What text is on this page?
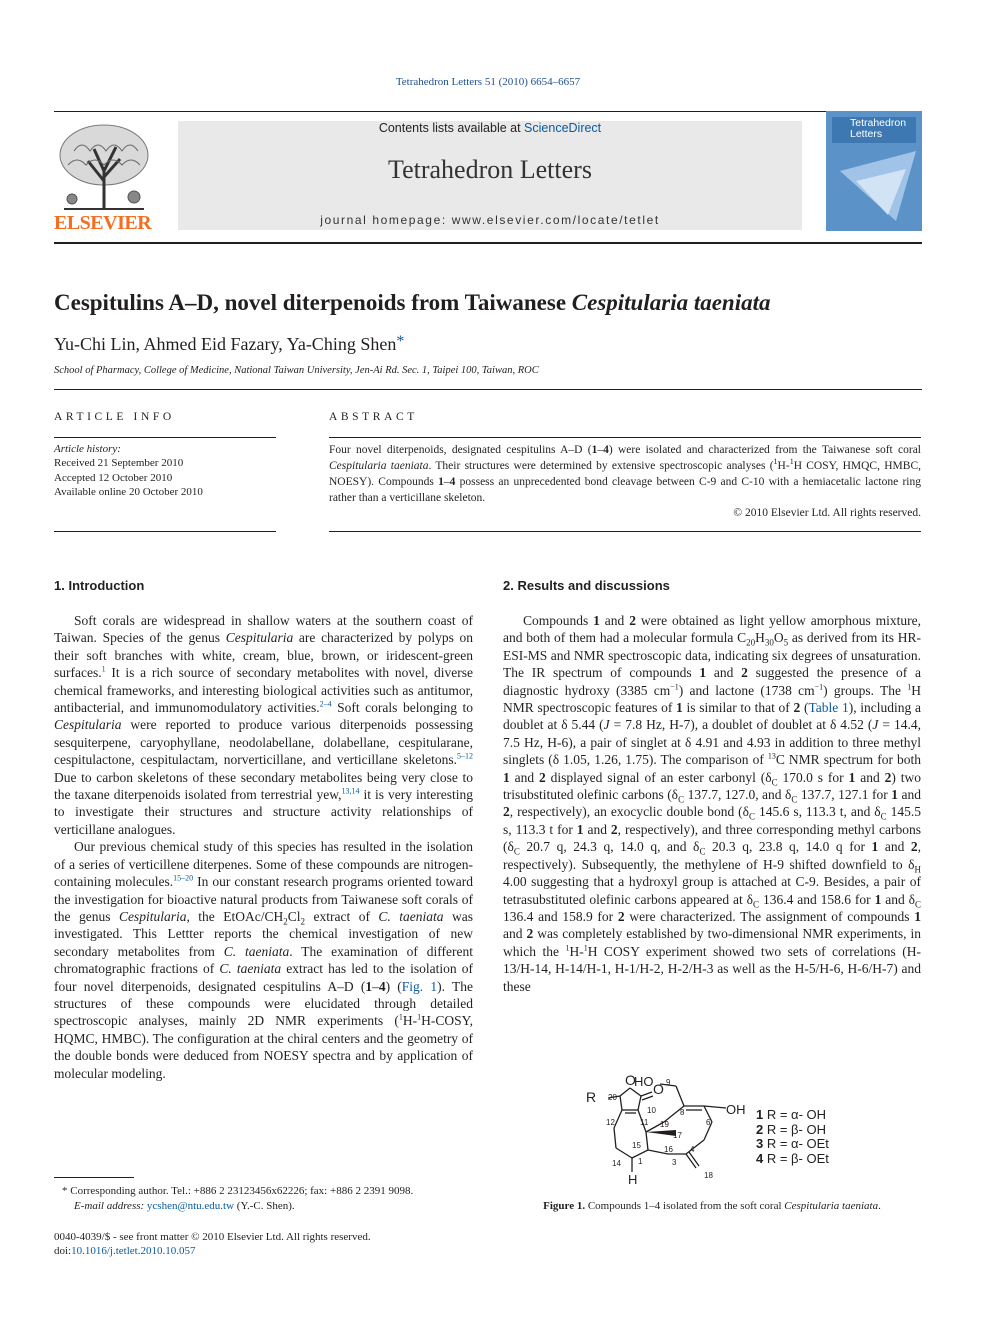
Tetrahedron Letters 51 (2010) 6654–6657
ELSEVIER
Contents lists available at ScienceDirect
Tetrahedron Letters
journal homepage: www.elsevier.com/locate/tetlet
Tetrahedron
Letters
Cespitulins A–D, novel diterpenoids from Taiwanese Cespitularia taeniata
Yu-Chi Lin, Ahmed Eid Fazary, Ya-Ching Shen*
School of Pharmacy, College of Medicine, National Taiwan University, Jen-Ai Rd. Sec. 1, Taipei 100, Taiwan, ROC
ARTICLE INFO
Article history:
Received 21 September 2010
Accepted 12 October 2010
Available online 20 October 2010
ABSTRACT
Four novel diterpenoids, designated cespitulins A–D (1–4) were isolated and characterized from the Taiwanese soft coral Cespitularia taeniata. Their structures were determined by extensive spectroscopic analyses ($^1$H-$^1$H COSY, HMQC, HMBC, NOESY). Compounds 1–4 possess an unprecedented bond cleavage between C-9 and C-10 with a hemiacetalic lactone ring rather than a verticillane skeleton.
© 2010 Elsevier Ltd. All rights reserved.
1. Introduction

Soft corals are widespread in shallow waters at the southern coast of Taiwan. Species of the genus Cespitularia are characterized by polyps on their soft branches with white, cream, blue, brown, or iridescent-green surfaces.$^1$ It is a rich source of secondary metabolites with novel, diverse chemical frameworks, and interesting biological activities such as antitumor, antibacterial, and immunomodulatory activities.$^{2-4}$ Soft corals belonging to Cespitularia were reported to produce various diterpenoids possessing sesquiterpene, caryophyllane, neodolabellane, dolabellane, cespitularane, cespitulactone, cespitulactam, norverticillane, and verticillane skeletons.$^{5-12}$ Due to carbon skeletons of these secondary metabolites being very close to the taxane diterpenoids isolated from terrestrial yew,$^{13,14}$ it is very interesting to investigate their structures and structure activity relationships of verticillane analogues.

Our previous chemical study of this species has resulted in the isolation of a series of verticillene diterpenes. Some of these compounds are nitrogen-containing molecules.$^{15-20}$ In our constant research programs oriented toward the investigation for bioactive natural products from Taiwanese soft corals of the genus Cespitularia, the EtOAc/$CH_2Cl_2$ extract of C. taeniata was investigated. This Lettter reports the chemical investigation of new secondary metabolites from C. taeniata. The examination of different chromatographic fractions of C. taeniata extract has led to the isolation of four novel diterpenoids, designated cespitulins A–D (1–4) (Fig. 1). The structures of these compounds were elucidated through detailed spectroscopic analyses, mainly 2D NMR experiments ($^1$H-$^1$H-COSY, HQMC, HMBC). The configuration at the chiral centers and the geometry of the double bonds were deduced from NOESY spectra and by application of molecular modeling.

2. Results and discussions

Compounds 1 and 2 were obtained as light yellow amorphous mixture, and both of them had a molecular formula $C_{20}H_{30}O_5$ as derived from its HR-ESI-MS and NMR spectroscopic data, indicating six degrees of unsaturation. The IR spectrum of compounds 1 and 2 suggested the presence of a diagnostic hydroxy (3385 $cm^{-1}$) and lactone (1738 $cm^{-1}$) groups. The $^1$H NMR spectroscopic features of 1 is similar to that of 2 (Table 1), including a doublet at δ 5.44 (J = 7.8 Hz, H-7), a doublet of doublet at δ 4.52 (J = 14.4, 7.5 Hz, H-6), a pair of singlet at δ 4.91 and 4.93 in addition to three methyl singlets (δ 1.05, 1.26, 1.75). The comparison of $^{13}$C NMR spectrum for both 1 and 2 displayed signal of an ester carbonyl ($\delta_C$ 170.0 s for 1 and 2) two trisubstituted olefinic carbons ($\delta_C$ 137.7, 127.0, and $\delta_C$ 137.7, 127.1 for 1 and 2, respectively), an exocyclic double bond ($\delta_C$ 145.6 s, 113.3 t, and $\delta_C$ 145.5 s, 113.3 t for 1 and 2, respectively), and three corresponding methyl carbons ($\delta_C$ 20.7 q, 24.3 q, 14.0 q, and $\delta_C$ 20.3 q, 23.8 q, 14.0 q for 1 and 2, respectively). Subsequently, the methylene of H-9 shifted downfield to $\delta_H$ 4.00 suggesting that a hydroxyl group is attached at C-9. Besides, a pair of tetrasubstituted olefinic carbons appeared at $\delta_C$ 136.4 and 158.6 for 1 and $\delta_C$ 136.4 and 158.9 for 2 were characterized. The assignment of compounds 1 and 2 was completely established by two-dimensional NMR experiments, in which the $^1$H-$^1$H COSY experiment showed two sets of correlations (H-13/H-14, H-14/H-1, H-1/H-2, H-2/H-3 as well as the H-5/H-6, H-6/H-7) and these

R
O
O
HO
OH
H
9
20
10	8
6
12	11 19
17
15	16 4
14 1	3
18
1 R = α- OH
2 R = β- OH
3 R = α- OEt
4 R = β- OEt
Figure 1. Compounds 1–4 isolated from the soft coral Cespitularia taeniata.
* Corresponding author. Tel.: +886 2 23123456x62226; fax: +886 2 2391 9098.
E-mail address: ycshen@ntu.edu.tw (Y.-C. Shen).
0040-4039/$ - see front matter © 2010 Elsevier Ltd. All rights reserved.
doi:10.1016/j.tetlet.2010.10.057
